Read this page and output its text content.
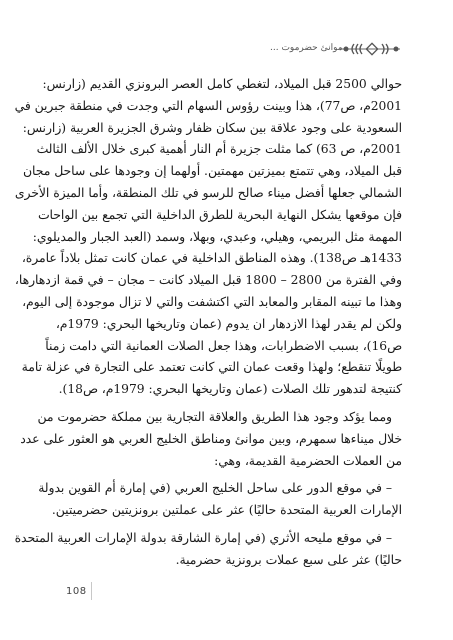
موانئ حضرموت ...

حوالي 2500 قبل الميلاد، لتغطي كامل العصر البرونزي القديم (زارنس:
2001م، ص77)، هذا وبينت رؤوس السهام التي وجدت في منطقة جبرين في
السعودية على وجود علاقة بين سكان ظفار وشرق الجزيرة العربية (زارنس:
2001م، ص 63) كما مثلت جزيرة أم النار أهمية كبرى خلال الألف الثالث
قبل الميلاد، وهي تتمتع بميزتين مهمتين. أولهما إن وجودها على ساحل مجان
الشمالي جعلها أفضل ميناء صالح للرسو في تلك المنطقة، وأما الميزة الأخرى
فإن موقعها يشكل النهاية البحرية للطرق الداخلية التي تجمع بين الواحات
المهمة مثل البريمي، وهيلي، وعبدي، وبهلا، وسمد (العبد الجبار والمديلوي:
1433هـ ص138). وهذه المناطق الداخلية في عمان كانت تمثل بلاداً عامرة،
وفي الفترة من 2800 – 1800 قبل الميلاد كانت – مجان – في قمة ازدهارها،
وهذا ما تبينه المقابر والمعابد التي اكتشفت والتي لا تزال موجودة إلى اليوم،
ولكن لم يقدر لهذا الازدهار ان يدوم (عمان وتاريخها البحري: 1979م،
ص16)، بسبب الاضطرابات، وهذا جعل الصلات العمانية التي دامت زمناً
طويلًا تنقطع؛ ولهذا وقعت عمان التي كانت تعتمد على التجارة في عزلة تامة
كنتيجة لتدهور تلك الصلات (عمان وتاريخها البحري: 1979م، ص18).

ومما يؤكد وجود هذا الطريق والعلاقة التجارية بين مملكة حضرموت من
خلال ميناءها سمهرم، وبين موانئ ومناطق الخليج العربي هو العثور على عدد
من العملات الحضرمية القديمة، وهي:

– في موقع الدور على ساحل الخليج العربي (في إمارة أم القوين بدولة
الإمارات العربية المتحدة حاليًا) عثر على عملتين برونزيتين حضرميتين.

– في موقع مليحه الأثري (في إمارة الشارقة بدولة الإمارات العربية المتحدة
حاليًا) عثر على سبع عملات برونزية حضرمية.

108
